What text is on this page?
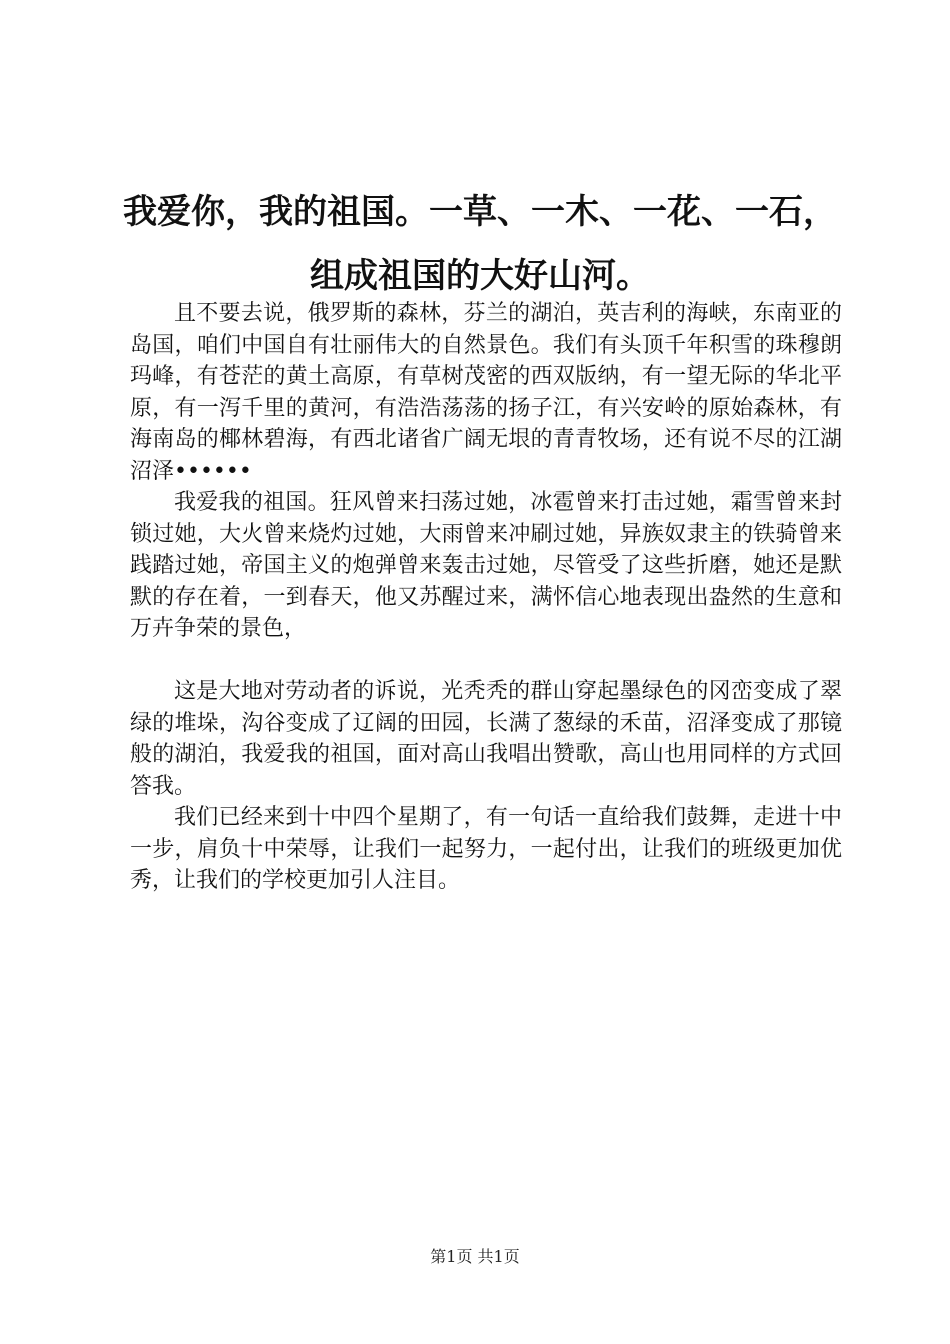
我爱你，我的祖国。一草、一木、一花、一石，组成祖国的大好山河。

且不要去说，俄罗斯的森林，芬兰的湖泊，英吉利的海峡，东南亚的岛国，咱们中国自有壮丽伟大的自然景色。我们有头顶千年积雪的珠穆朗玛峰，有苍茫的黄土高原，有草树茂密的西双版纳，有一望无际的华北平原，有一泻千里的黄河，有浩浩荡荡的扬子江，有兴安岭的原始森林，有海南岛的椰林碧海，有西北诸省广阔无垠的青青牧场，还有说不尽的江湖沼泽••••••

我爱我的祖国。狂风曾来扫荡过她，冰雹曾来打击过她，霜雪曾来封锁过她，大火曾来烧灼过她，大雨曾来冲刷过她，异族奴隶主的铁骑曾来践踏过她，帝国主义的炮弹曾来轰击过她，尽管受了这些折磨，她还是默默的存在着，一到春天，他又苏醒过来，满怀信心地表现出盎然的生意和万卉争荣的景色，

这是大地对劳动者的诉说，光秃秃的群山穿起墨绿色的冈峦变成了翠绿的堆垛，沟谷变成了辽阔的田园，长满了葱绿的禾苗，沼泽变成了那镜般的湖泊，我爱我的祖国，面对高山我唱出赞歌，高山也用同样的方式回答我。

我们已经来到十中四个星期了，有一句话一直给我们鼓舞，走进十中一步，肩负十中荣辱，让我们一起努力，一起付出，让我们的班级更加优秀，让我们的学校更加引人注目。

第1页 共1页
